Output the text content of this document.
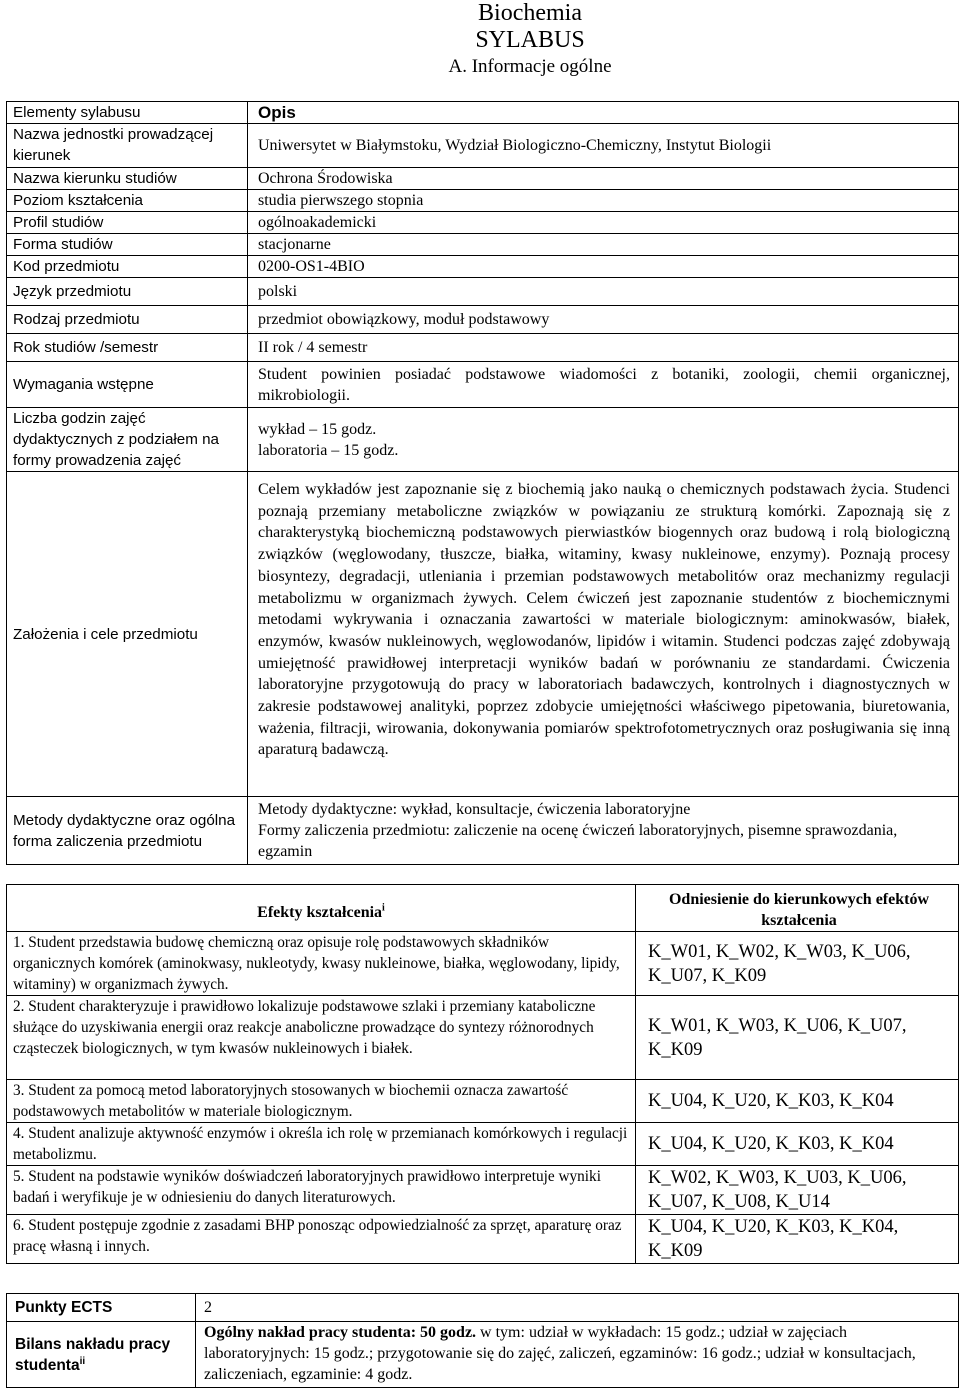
Biochemia
SYLABUS
A. Informacje ogólne
Elementy sylabusu	Opis
Nazwa jednostki prowadzącej kierunek	Uniwersytet w Białymstoku, Wydział Biologiczno-Chemiczny, Instytut Biologii
Nazwa kierunku studiów	Ochrona Środowiska
Poziom kształcenia	studia pierwszego stopnia
Profil studiów	ogólnoakademicki
Forma studiów	stacjonarne
Kod przedmiotu	0200-OS1-4BIO
Język przedmiotu	polski
Rodzaj przedmiotu	przedmiot obowiązkowy, moduł podstawowy
Rok studiów /semestr	II rok / 4 semestr
Wymagania wstępne	Student powinien posiadać podstawowe wiadomości z botaniki, zoologii, chemii organicznej, mikrobiologii.
Liczba godzin zajęć dydaktycznych z podziałem na formy prowadzenia zajęć	wykład – 15 godz.
laboratoria – 15 godz.

Założenia i cele przedmiotu	Celem wykładów jest zapoznanie się z biochemią jako nauką o chemicznych podstawach życia. Studenci poznają przemiany metaboliczne związków w powiązaniu ze strukturą komórki. Zapoznają się z charakterystyką biochemiczną podstawowych pierwiastków biogennych oraz budową i rolą biologiczną związków (węglowodany, tłuszcze, białka, witaminy, kwasy nukleinowe, enzymy). Poznają procesy biosyntezy, degradacji, utleniania i przemian podstawowych metabolitów oraz mechanizmy regulacji metabolizmu w organizmach żywych. Celem ćwiczeń jest zapoznanie studentów z biochemicznymi metodami wykrywania i oznaczania zawartości w materiale biologicznym: aminokwasów, białek, enzymów, kwasów nukleinowych, węglowodanów, lipidów i witamin. Studenci podczas zajęć zdobywają umiejętność prawidłowej interpretacji wyników badań w porównaniu ze standardami. Ćwiczenia laboratoryjne przygotowują do pracy w laboratoriach badawczych, kontrolnych i diagnostycznych w zakresie podstawowej analityki, poprzez zdobycie umiejętności właściwego pipetowania, biuretowania, ważenia, filtracji, wirowania, dokonywania pomiarów spektrofotometrycznych oraz posługiwania się inną aparaturą badawczą.
Metody dydaktyczne oraz ogólna forma zaliczenia przedmiotu	Metody dydaktyczne: wykład, konsultacje, ćwiczenia laboratoryjne
Formy zaliczenia przedmiotu: zaliczenie na ocenę ćwiczeń laboratoryjnych, pisemne sprawozdania, egzamin
Efekty kształcenia$^i$	Odniesienie do kierunkowych efektów kształcenia
1. Student przedstawia budowę chemiczną oraz opisuje rolę podstawowych składników organicznych komórek (aminokwasy, nukleotydy, kwasy nukleinowe, białka, węglowodany, lipidy, witaminy) w organizmach żywych.	K_W01, K_W02, K_W03, K_U06, K_U07, K_K09
2. Student charakteryzuje i prawidłowo lokalizuje podstawowe szlaki i przemiany kataboliczne służące do uzyskiwania energii oraz reakcje anaboliczne prowadzące do syntezy różnorodnych cząsteczek biologicznych, w tym kwasów nukleinowych i białek.	K_W01, K_W03, K_U06, K_U07, K_K09
3. Student za pomocą metod laboratoryjnych stosowanych w biochemii oznacza zawartość podstawowych metabolitów w materiale biologicznym.	K_U04, K_U20, K_K03, K_K04
4. Student analizuje aktywność enzymów i określa ich rolę w przemianach komórkowych i regulacji metabolizmu.	K_U04, K_U20, K_K03, K_K04
5. Student na podstawie wyników doświadczeń laboratoryjnych prawidłowo interpretuje wyniki badań i weryfikuje je w odniesieniu do danych literaturowych.	K_W02, K_W03, K_U03, K_U06, K_U07, K_U08, K_U14
6. Student postępuje zgodnie z zasadami BHP ponosząc odpowiedzialność za sprzęt, aparaturę oraz pracę własną i innych.	K_U04, K_U20, K_K03, K_K04, K_K09
Punkty ECTS	2
Bilans nakładu pracy studenta$^{ii}$	Ogólny nakład pracy studenta: 50 godz. w tym: udział w wykładach: 15 godz.; udział w zajęciach laboratoryjnych: 15 godz.; przygotowanie się do zajęć, zaliczeń, egzaminów: 16 godz.; udział w konsultacjach, zaliczeniach, egzaminie: 4 godz.
